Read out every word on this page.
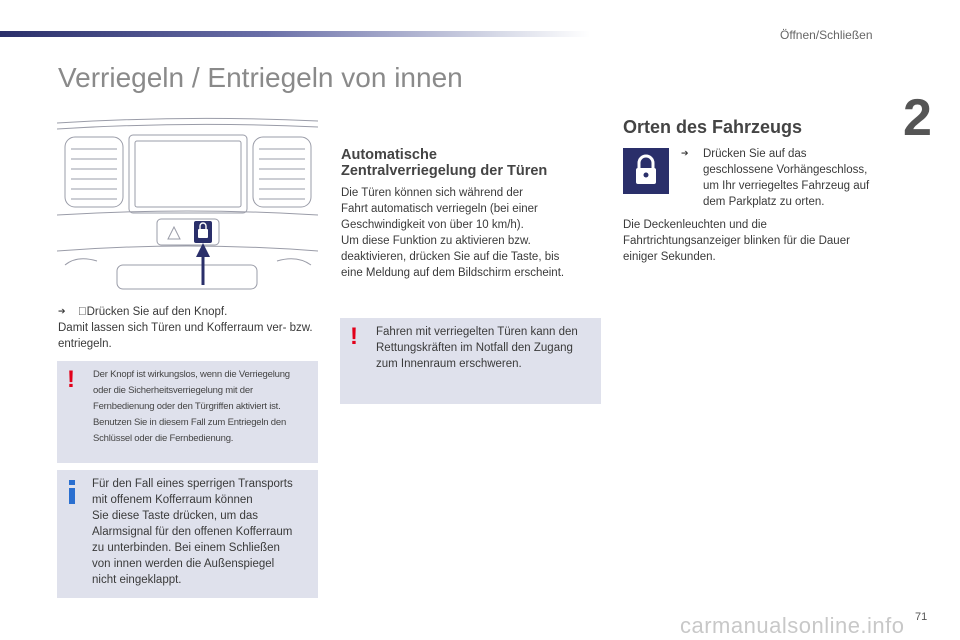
Öffnen/Schließen
2
Verriegeln / Entriegeln von innen
➔ Drücken Sie auf den Knopf.
Damit lassen sich Türen und Kofferraum ver- bzw. entriegeln.
! Der Knopf ist wirkungslos, wenn die Verriegelung
oder die Sicherheitsverriegelung mit der
Fernbedienung oder den Türgriffen aktiviert ist.
Benutzen Sie in diesem Fall zum Entriegeln den
Schlüssel oder die Fernbedienung.
Für den Fall eines sperrigen Transports
mit offenem Kofferraum können
Sie diese Taste drücken, um das
Alarmsignal für den offenen Kofferraum
zu unterbinden. Bei einem Schließen
von innen werden die Außenspiegel
nicht eingeklappt.
Automatische
Zentralverriegelung der Türen
Die Türen können sich während der
Fahrt automatisch verriegeln (bei einer
Geschwindigkeit von über 10 km/h).
Um diese Funktion zu aktivieren bzw.
deaktivieren, drücken Sie auf die Taste, bis
eine Meldung auf dem Bildschirm erscheint.
! Fahren mit verriegelten Türen kann den
Rettungskräften im Notfall den Zugang
zum Innenraum erschweren.
Orten des Fahrzeugs
➔ Drücken Sie auf das
geschlossene Vorhängeschloss,
um Ihr verriegeltes Fahrzeug auf
dem Parkplatz zu orten.
Die Deckenleuchten und die
Fahrtrichtungsanzeiger blinken für die Dauer
einiger Sekunden.
carmanualsonline.info 71
